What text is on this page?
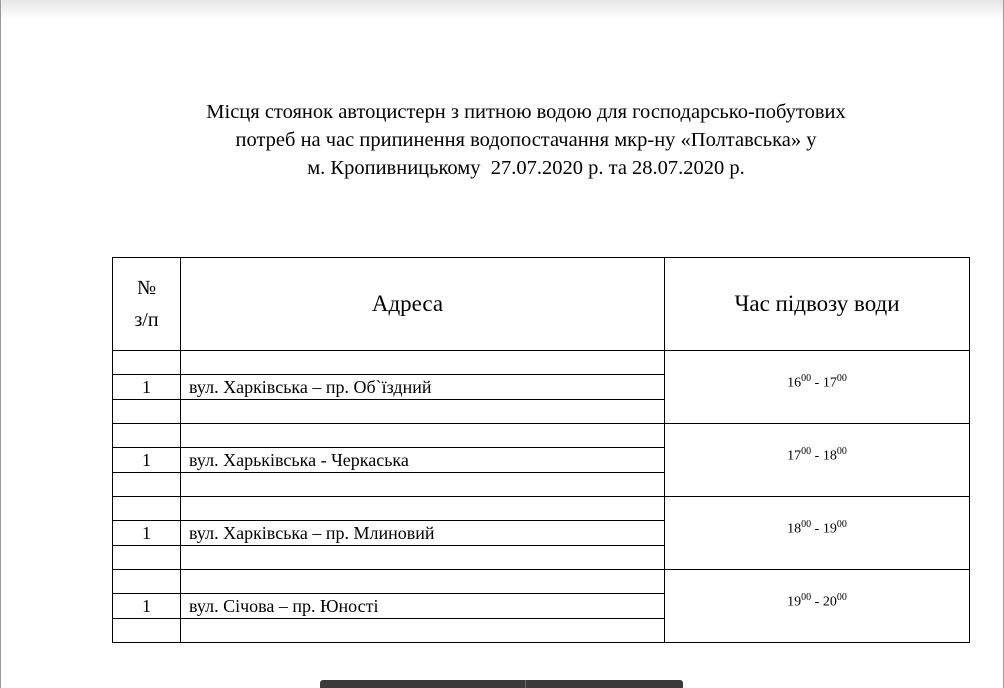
Місця стоянок автоцистерн з питною водою для господарсько-побутових
потреб на час припинення водопостачання мкр-ну «Полтавська» у
м. Кропивницькому  27.07.2020 р. та 28.07.2020 р.
№
з/п	Адреса	Час підвозу води
		$16^{00} - 17^{00}$
1	вул. Харківська – пр. Об`їздний	

		$17^{00} - 18^{00}$
1	вул. Харьківська - Черкаська	

		$18^{00} - 19^{00}$
1	вул. Харківська – пр. Млиновий	

		$19^{00} - 20^{00}$
1	вул. Січова – пр. Юності	
